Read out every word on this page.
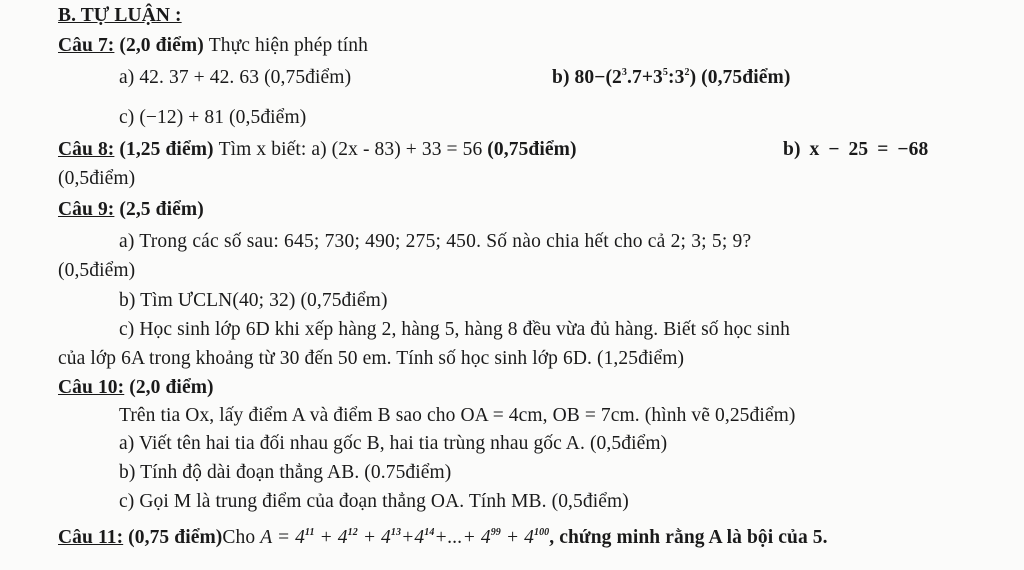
B. TỰ LUẬN :
Câu 7: (2,0 điểm) Thực hiện phép tính
a) 42. 37 + 42. 63 (0,75điểm)	b) $80-(2^3.7+3^5:3^2)$ (0,75điểm)
c) (−12) + 81 (0,5điểm)
Câu 8: (1,25 điểm) Tìm x biết: a) (2x - 83) + 33 = 56 (0,75điểm)	b) x − 25 = −68
(0,5điểm)
Câu 9: (2,5 điểm)
a) Trong các số sau: 645; 730; 490; 275; 450. Số nào chia hết cho cả 2; 3; 5; 9?
(0,5điểm)
b) Tìm ƯCLN(40; 32) (0,75điểm)
c) Học sinh lớp 6D khi xếp hàng 2, hàng 5, hàng 8 đều vừa đủ hàng. Biết số học sinh
của lớp 6A trong khoảng từ 30 đến 50 em. Tính số học sinh lớp 6D. (1,25điểm)
Câu 10: (2,0 điểm)
Trên tia Ox, lấy điểm A và điểm B sao cho OA = 4cm, OB = 7cm. (hình vẽ 0,25điểm)
a) Viết tên hai tia đối nhau gốc B, hai tia trùng nhau gốc A. (0,5điểm)
b) Tính độ dài đoạn thẳng AB. (0.75điểm)
c) Gọi M là trung điểm của đoạn thẳng OA. Tính MB. (0,5điểm)
Câu 11: (0,75 điểm)Cho $A = 4^{11} + 4^{12} + 4^{13}+4^{14}+...+ 4^{99} + 4^{100}$, chứng minh rằng A là bội của 5.
